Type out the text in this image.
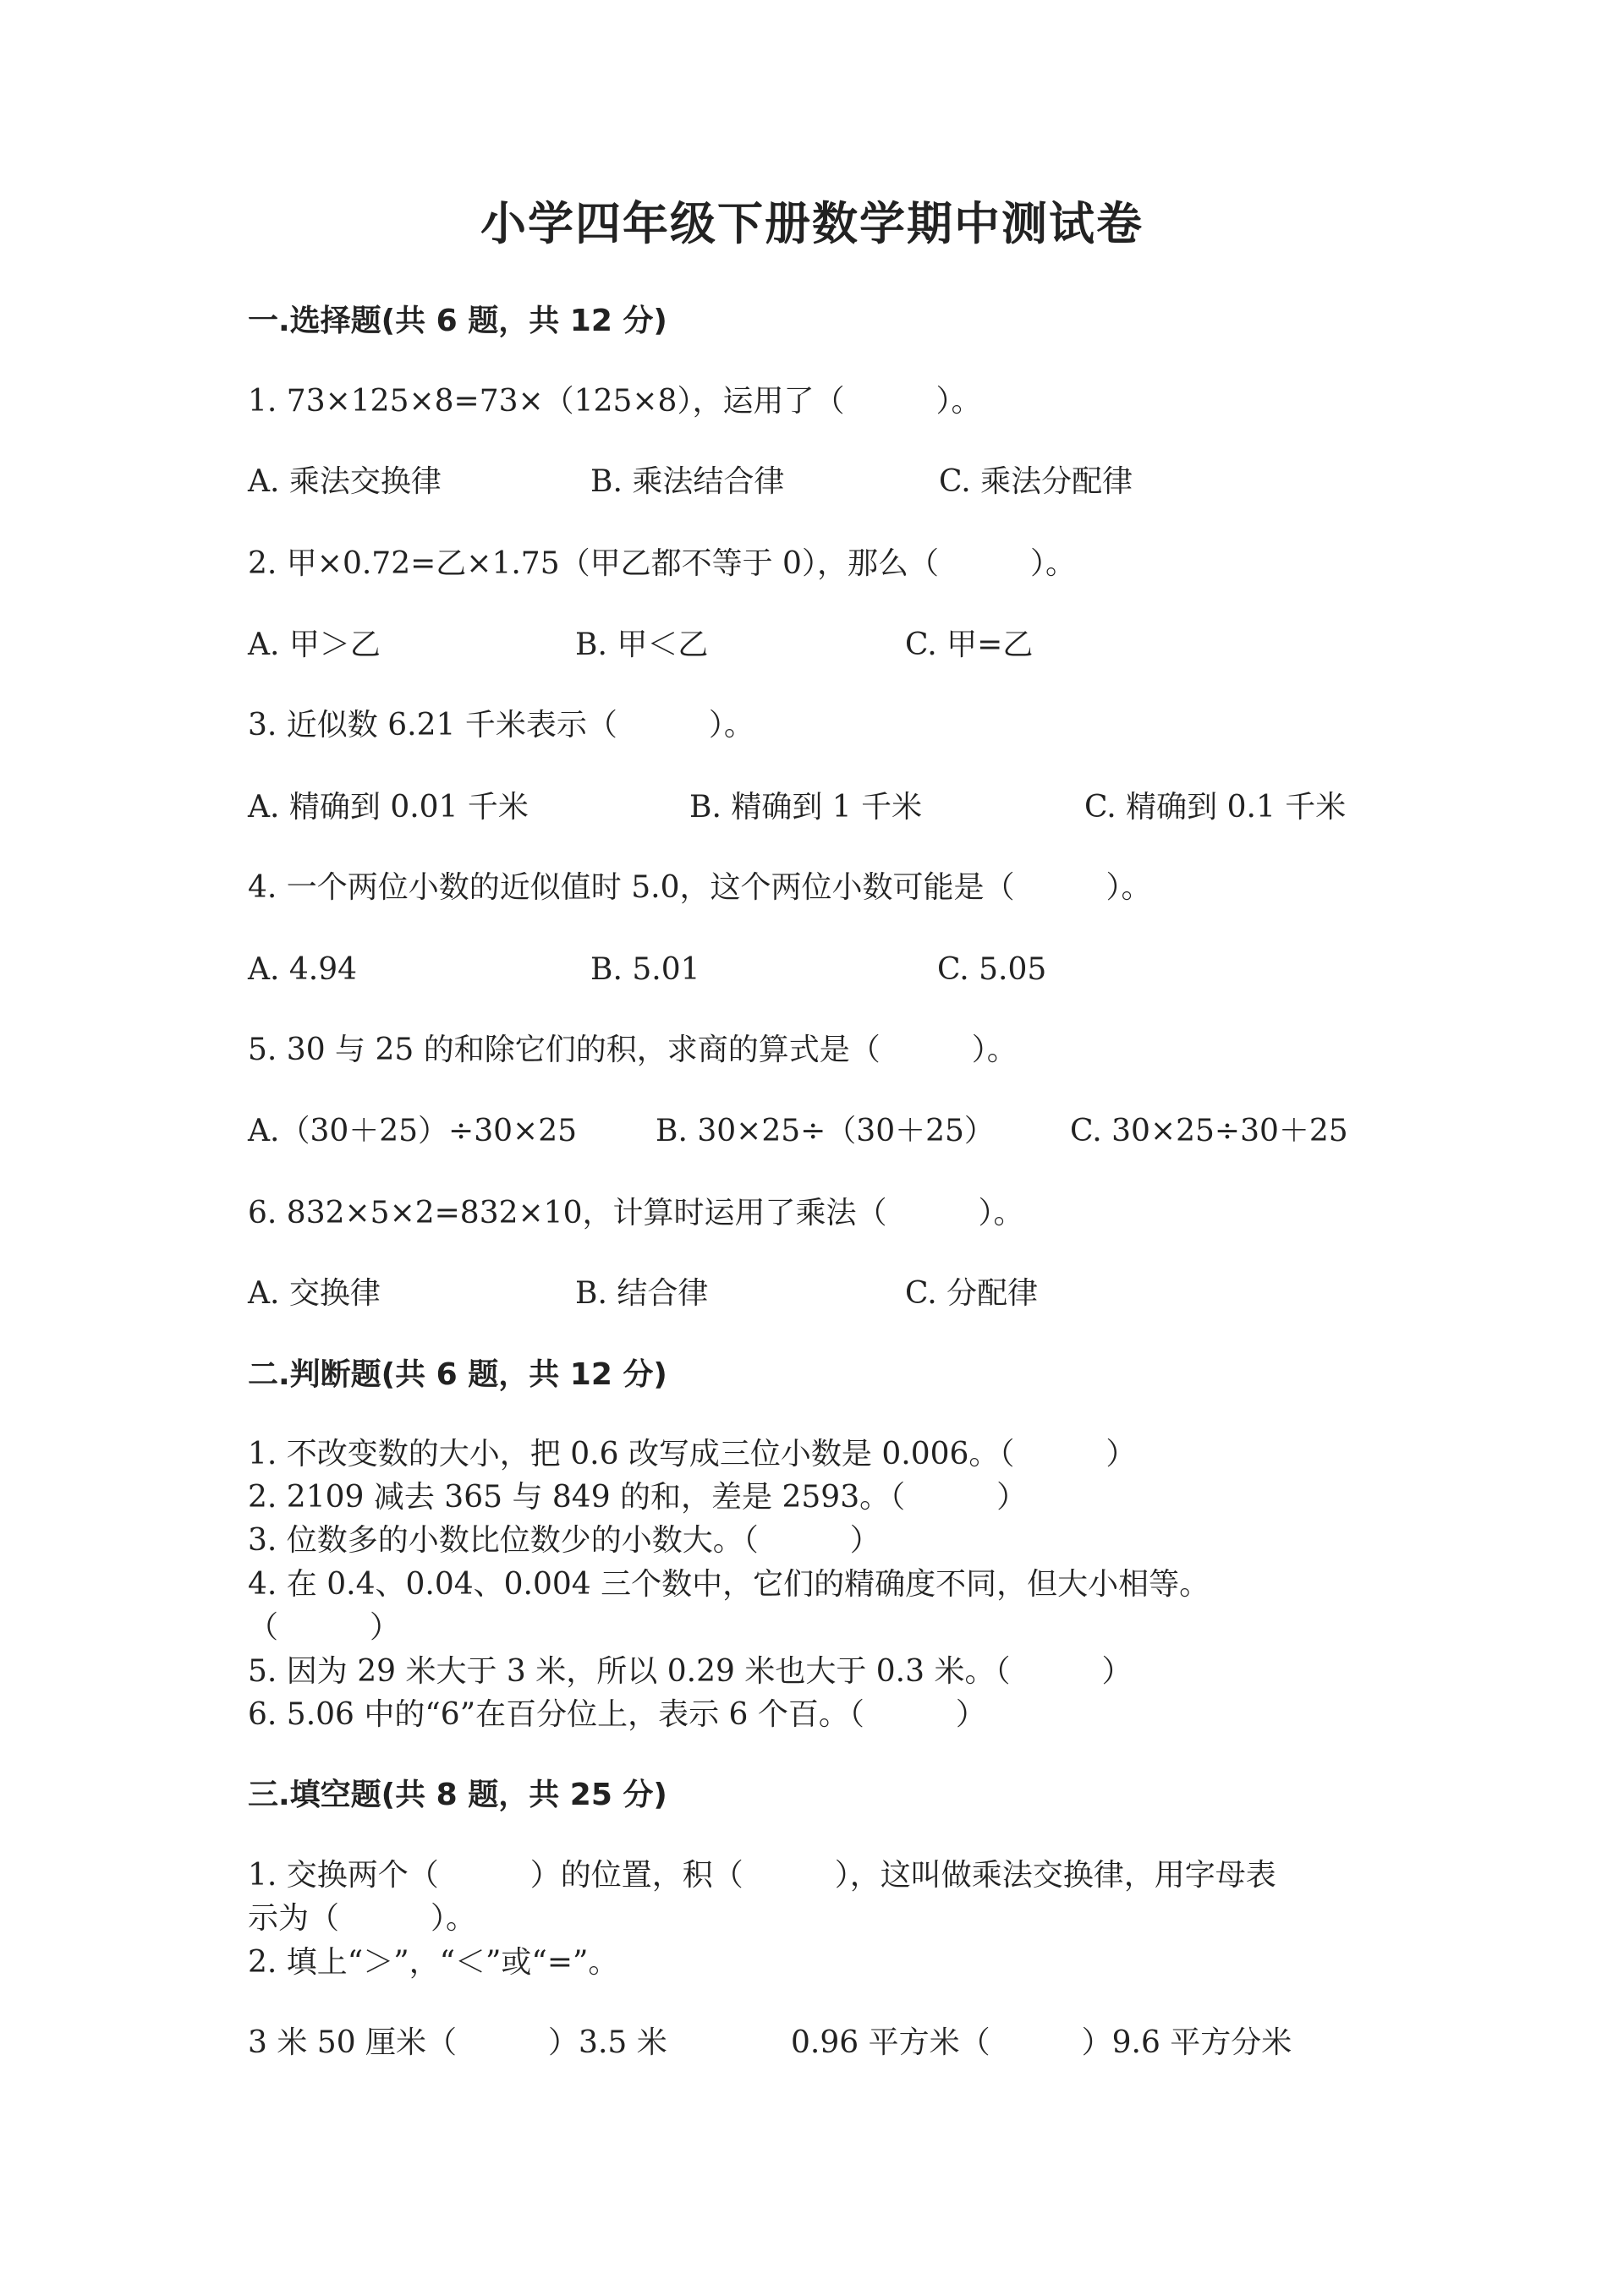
小学四年级下册数学期中测试卷
一.选择题(共 6 题，共 12 分)
1. 73×125×8=73×（125×8），运用了（　　　）。
A. 乘法交换律	B. 乘法结合律	C. 乘法分配律
2. 甲×0.72=乙×1.75（甲乙都不等于 0），那么（　　　）。
A. 甲＞乙	B. 甲＜乙	C. 甲=乙
3. 近似数 6.21 千米表示（　　　）。
A. 精确到 0.01 千米	B. 精确到 1 千米	C. 精确到 0.1 千米
4. 一个两位小数的近似值时 5.0，这个两位小数可能是（　　　）。
A. 4.94	B. 5.01	C. 5.05
5. 30 与 25 的和除它们的积，求商的算式是（　　　）。
A.（30＋25）÷30×25	B. 30×25÷（30＋25） C. 30×25÷30＋25
6. 832×5×2=832×10，计算时运用了乘法（　　　）。
A. 交换律	B. 结合律	C. 分配律
二.判断题(共 6 题，共 12 分)
1. 不改变数的大小，把 0.6 改写成三位小数是 0.006。（　　　）
2. 2109 减去 365 与 849 的和，差是 2593。（　　　）
3. 位数多的小数比位数少的小数大。（　　　）
4. 在 0.4、0.04、0.004 三个数中，它们的精确度不同，但大小相等。
（　　　）
5. 因为 29 米大于 3 米，所以 0.29 米也大于 0.3 米。（　　　）
6. 5.06 中的“6”在百分位上，表示 6 个百。（　　　）
三.填空题(共 8 题，共 25 分)
1. 交换两个（　　　）的位置，积（　　　），这叫做乘法交换律，用字母表
示为（　　　）。
2. 填上“＞”，“＜”或“=”。
3 米 50 厘米（　　　）3.5 米	0.96 平方米（　　　）9.6 平方分米
